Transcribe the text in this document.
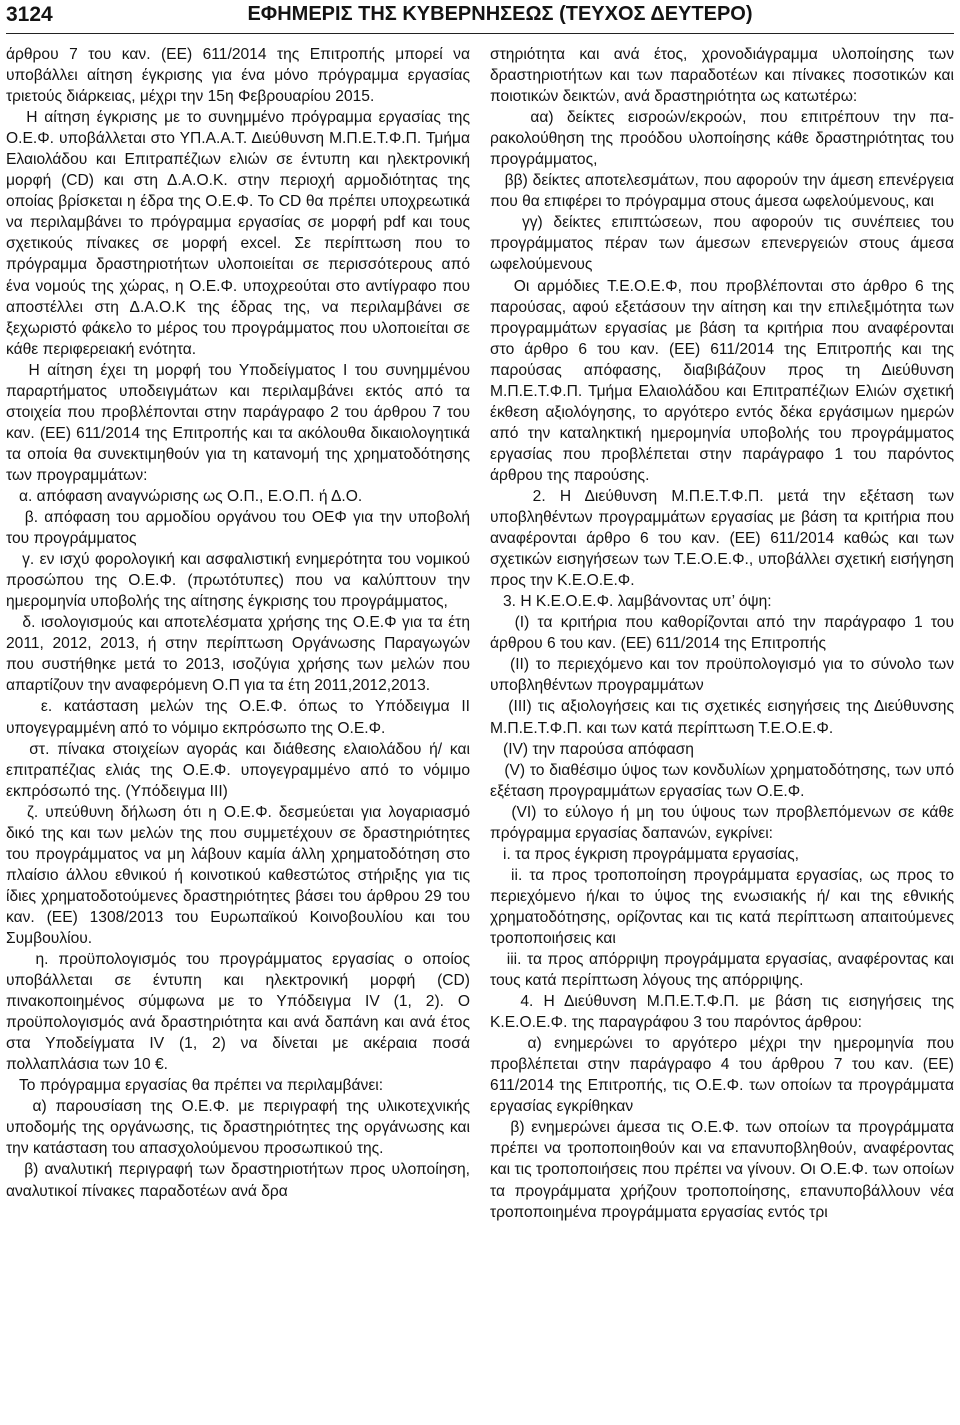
3124	ΕΦΗΜΕΡΙΣ ΤΗΣ ΚΥΒΕΡΝΗΣΕΩΣ (ΤΕΥΧΟΣ ΔΕΥΤΕΡΟ)

άρθρου 7 του καν. (ΕΕ) 611/2014 της Επιτροπής μπορεί να υποβάλλει αίτηση έγκρισης για ένα μόνο πρόγραμμα εργασίας τριετούς διάρκειας, μέχρι την 15η Φεβρουαρίου 2015.

Η αίτηση έγκρισης με το συνημμένο πρόγραμμα εργασίας της Ο.Ε.Φ. υποβάλλεται στο ΥΠ.Α.Α.Τ. Διεύθυνση Μ.Π.Ε.Τ.Φ.Π. Τμήμα Ελαιολάδου και Επιτραπέζιων ελιών σε έντυπη και ηλεκτρονική μορφή (CD) και στη Δ.Α.Ο.Κ. στην περιοχή αρμοδιότητας της οποίας βρίσκεται η έδρα της Ο.Ε.Φ. Το CD θα πρέπει υποχρεωτικά να περιλαμβάνει το πρόγραμμα εργασίας σε μορφή pdf και τους σχετικούς πίνακες σε μορφή excel. Σε περίπτωση που το πρόγραμμα δραστηριοτήτων υλοποιείται σε περισσότερους από ένα νομούς της χώρας, η Ο.Ε.Φ. υποχρεούται στο αντίγραφο που αποστέλλει στη Δ.Α.Ο.Κ της έδρας της, να περιλαμβάνει σε ξεχωριστό φάκελο το μέρος του προγράμματος που υλοποιείται σε κάθε περιφερειακή ενότητα.

Η αίτηση έχει τη μορφή του Υποδείγματος Ι του συνημμένου παραρτήματος υποδειγμάτων και περιλαμβάνει εκτός από τα στοιχεία που προβλέπονται στην παράγραφο 2 του άρθρου 7 του καν. (ΕΕ) 611/2014 της Επιτροπής και τα ακόλουθα δικαιολογητικά τα οποία θα συνεκτιμηθούν για τη κατανομή της χρηματοδότησης των προγραμμάτων:

α. απόφαση αναγνώρισης ως Ο.Π., Ε.Ο.Π. ή Δ.Ο.

β. απόφαση του αρμοδίου οργάνου του ΟΕΦ για την υποβολή του προγράμματος

γ. εν ισχύ φορολογική και ασφαλιστική ενημερότητα του νομικού προσώπου της Ο.Ε.Φ. (πρωτότυπες) που να καλύπτουν την ημερομηνία υποβολής της αίτησης έγκρισης του προγράμματος,

δ. ισολογισμούς και αποτελέσματα χρήσης της Ο.Ε.Φ για τα έτη 2011, 2012, 2013, ή στην περίπτωση Οργάνωσης Παραγωγών που συστήθηκε μετά το 2013, ισοζύγια χρήσης των μελών που απαρτίζουν την αναφερόμενη Ο.Π για τα έτη 2011,2012,2013.

ε. κατάσταση μελών της Ο.Ε.Φ. όπως το Υπόδειγμα ΙΙ υπογεγραμμένη από το νόμιμο εκπρόσωπο της Ο.Ε.Φ.

στ. πίνακα στοιχείων αγοράς και διάθεσης ελαιολάδου ή/ και επιτραπέζιας ελιάς της Ο.Ε.Φ. υπογεγραμμένο από το νόμιμο εκπρόσωπό της. (Υπόδειγμα ΙΙΙ)

ζ. υπεύθυνη δήλωση ότι η Ο.Ε.Φ. δεσμεύεται για λογαριασμό δικό της και των μελών της που συμμετέχουν σε δραστηριότητες του προγράμματος να μη λάβουν καμία άλλη χρηματοδότηση στο πλαίσιο άλλου εθνικού ή κοινοτικού καθεστώτος στήριξης για τις ίδιες χρηματοδοτούμενες δραστηριότητες βάσει του άρθρου 29 του καν. (ΕΕ) 1308/2013 του Ευρωπαϊκού Κοινοβουλίου και του Συμβουλίου.

η. προϋπολογισμός του προγράμματος εργασίας ο οποίος υποβάλλεται σε έντυπη και ηλεκτρονική μορφή (CD) πινακοποιημένος σύμφωνα με το Υπόδειγμα IV (1, 2). Ο προϋπολογισμός ανά δραστηριότητα και ανά δαπάνη και ανά έτος στα Υποδείγματα IV (1, 2) να δίνεται με ακέραια ποσά πολλαπλάσια των 10 €.

Το πρόγραμμα εργασίας θα πρέπει να περιλαμβάνει:

α) παρουσίαση της Ο.Ε.Φ. με περιγραφή της υλικοτεχνικής υποδομής της οργάνωσης, τις δραστηριότητες της οργάνωσης και την κατάσταση του απασχολούμενου προσωπικού της.

β) αναλυτική περιγραφή των δραστηριοτήτων προς υλοποίηση, αναλυτικοί πίνακες παραδοτέων ανά δρα

στηριότητα και ανά έτος, χρονοδιάγραμμα υλοποίησης των δραστηριοτήτων και των παραδοτέων και πίνακες ποσοτικών και ποιοτικών δεικτών, ανά δραστηριότητα ως κατωτέρω:

αα) δείκτες εισροών/εκροών, που επιτρέπουν την παρακολούθηση της προόδου υλοποίησης κάθε δραστηριότητας του προγράμματος,

ββ) δείκτες αποτελεσμάτων, που αφορούν την άμεση επενέργεια που θα επιφέρει το πρόγραμμα στους άμεσα ωφελούμενους, και

γγ) δείκτες επιπτώσεων, που αφορούν τις συνέπειες του προγράμματος πέραν των άμεσων επενεργειών στους άμεσα ωφελούμενους

Οι αρμόδιες Τ.Ε.Ο.Ε.Φ, που προβλέπονται στο άρθρο 6 της παρούσας, αφού εξετάσουν την αίτηση και την επιλεξιμότητα των προγραμμάτων εργασίας με βάση τα κριτήρια που αναφέρονται στο άρθρο 6 του καν. (ΕΕ) 611/2014 της Επιτροπής και της παρούσας απόφασης, διαβιβάζουν προς τη Διεύθυνση Μ.Π.Ε.Τ.Φ.Π. Τμήμα Ελαιολάδου και Επιτραπέζιων Ελιών σχετική έκθεση αξιολόγησης, το αργότερο εντός δέκα εργάσιμων ημερών από την καταληκτική ημερομηνία υποβολής του προγράμματος εργασίας που προβλέπεται στην παράγραφο 1 του παρόντος άρθρου της παρούσης.

2. Η Διεύθυνση Μ.Π.Ε.Τ.Φ.Π. μετά την εξέταση των υποβληθέντων προγραμμάτων εργασίας με βάση τα κριτήρια που αναφέρονται άρθρο 6 του καν. (ΕΕ) 611/2014 καθώς και των σχετικών εισηγήσεων των Τ.Ε.Ο.Ε.Φ., υποβάλλει σχετική εισήγηση προς την Κ.Ε.Ο.Ε.Φ.

3. Η Κ.Ε.Ο.Ε.Φ. λαμβάνοντας υπ’ όψη:

(Ι) τα κριτήρια που καθορίζονται από την παράγραφο 1 του άρθρου 6 του καν. (ΕΕ) 611/2014 της Επιτροπής

(ΙΙ) το περιεχόμενο και τον προϋπολογισμό για το σύνολο των υποβληθέντων προγραμμάτων

(ΙΙΙ) τις αξιολογήσεις και τις σχετικές εισηγήσεις της Διεύθυνσης Μ.Π.Ε.Τ.Φ.Π. και των κατά περίπτωση Τ.Ε.Ο.Ε.Φ.

(IV) την παρούσα απόφαση

(V) το διαθέσιμο ύψος των κονδυλίων χρηματοδότησης, των υπό εξέταση προγραμμάτων εργασίας των Ο.Ε.Φ.

(VI) το εύλογο ή μη του ύψους των προβλεπόμενων σε κάθε πρόγραμμα εργασίας δαπανών, εγκρίνει:

i. τα προς έγκριση προγράμματα εργασίας,

ii. τα προς τροποποίηση προγράμματα εργασίας, ως προς το περιεχόμενο ή/και το ύψος της ενωσιακής ή/ και της εθνικής χρηματοδότησης, ορίζοντας και τις κατά περίπτωση απαιτούμενες τροποποιήσεις και

iii. τα προς απόρριψη προγράμματα εργασίας, αναφέροντας και τους κατά περίπτωση λόγους της απόρριψης.

4. Η Διεύθυνση Μ.Π.Ε.Τ.Φ.Π. με βάση τις εισηγήσεις της Κ.Ε.Ο.Ε.Φ. της παραγράφου 3 του παρόντος άρθρου:

α) ενημερώνει το αργότερο μέχρι την ημερομηνία που προβλέπεται στην παράγραφο 4 του άρθρου 7 του καν. (ΕΕ) 611/2014 της Επιτροπής, τις Ο.Ε.Φ. των οποίων τα προγράμματα εργασίας εγκρίθηκαν

β) ενημερώνει άμεσα τις Ο.Ε.Φ. των οποίων τα προγράμματα πρέπει να τροποποιηθούν και να επανυποβληθούν, αναφέροντας και τις τροποποιήσεις που πρέπει να γίνουν. Οι Ο.Ε.Φ. των οποίων τα προγράμματα χρήζουν τροποποίησης, επανυποβάλλουν νέα τροποποιημένα προγράμματα εργασίας εντός τρι
